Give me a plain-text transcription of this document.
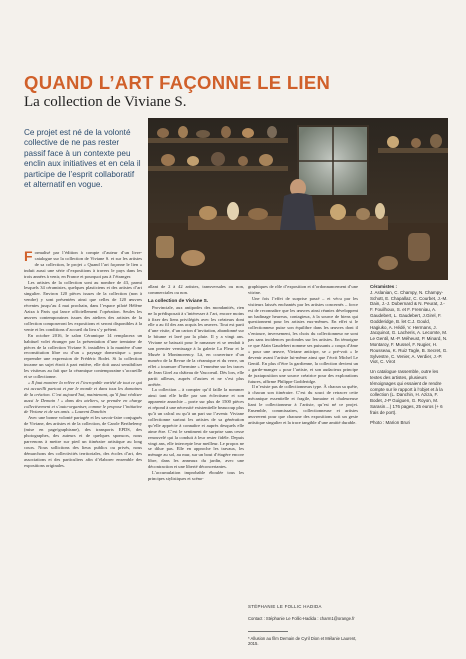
QUAND L’ART FAÇONNE LE LIEN
La collection de Viviane S.
Ce projet est né de la volonté collective de ne pas rester passif face à un contexte peu enclin aux initiatives et en cela il participe de l’esprit collaboratif et alternatif en vogue.

Formalisé par l’édition à compte d’auteur d’un livre-catalogue sur la collection de Viviane S. et sur les artistes de sa collection, le projet « Quand l’art façonne le lien » induit aussi une série d’expositions à travers le pays dans les trois années à venir, en France et pourquoi pas à l’étranger.

Les artistes de la collection sont au nombre de 43, parmi lesquels 34 céramistes, quelques plasticiens et des artistes d’art singulier. Environ 120 pièces issues de la collection (non à vendre) y sont présentées ainsi que celles de 120 œuvres récentes jusqu’au 4 mai prochain, dans l’espace piloté Hélène Aziza à Paris qui lance officiellement l’opération. Seules les œuvres contemporaines issues des ateliers des artistes de la collection composeront les expositions et seront disponibles à la vente et les conditions d’accueil du lieu s’y prêtent.

En octobre 2016, le salon Céramique 14 remplacera un habituel volet étranger par la présentation d’une trentaine de pièces de la collection Viviane S. installées à la manière d’une reconstitution libre ou d’un « paysage domestique » pour reprendre une expression de Frédéric Bodet. Si la collection incarne un sujet étroit à part entière, elle doit aussi sensibiliser les visiteurs au fait que la céramique contemporaine s’accueille et se collectionne.

« Il faut montrer la relève et l’incroyable variété de tout ce qui est accueilli partout et par le monde et dans tous les domaines de la création. C’est aujourd’hui, maintenant, qu’il faut réaliser aussi le Demain ! » dans des ateliers, se prendre en charge collectivement et s’auto-organiser, comme le propose l’initiative de Viviane et de ses amis. » Laurent Danchin

Avec une bonne volonté partagée et les savoir-faire conjugués de Viviane, des artistes et de la collection, de Carole Berthelemy (mise en page/graphisme), des transports EPDS, des photographes, des auteurs et de quelques sponsors, nous parvenons à mettre sur pied un itinéraire artistique au long cours. Nous sollicitons des lieux publics ou privés, nous démarchons des collectivités territoriales, des écoles d’art, des associations et des particuliers afin d’élaborer ensemble des expositions originales.

allant de 2 à 42 artistes, transversales ou non, commerciales ou non.

La collection de Viviane S.

Provinciale, aux antipodes des mondanités, rien ne la prédisposait à s’intéresser à l’art, encore moins à fixer des liens privilégiés avec les créateurs dont elle a au fil des ans acquis les œuvres. Tout est parti d’une visite, d’un carton d’invitation, abandonné sur le bitume et lavé par la pluie. Il y a vingt ans. Viviane se baissait pour le ramasser et se rendait à son premier vernissage à la galerie La Fleur et le Musée à Montmorency. Là, en couverture d’un numéro de la Revue de la céramique et du verre, un effet « tournure d’hermine » l’emmène sur les traces de Jean Girel au château de Vascoeuil. Dès lors, elle partit ailleurs, auprès d’autres et ne s’est plus arrêtée.

La collection – à compter qu’il faille la nommer ainsi tant elle brille par son éclectisme et son apparente anarchie – porte sur plus de 1500 pièces et répond à une nécessité existentielle beaucoup plus qu’à un calcul ou qu’à un pari sur l’avenir. Viviane collectionne surtout les artistes de sa génération qu’elle apprécie à connaître et auprès desquels elle aime être. C’est le sentiment de surprise sans cesse renouvelé qui la conduit à leur rester fidèle. Depuis vingt ans, elle intercepte leur meilleur. Le propos ne se dilue pas. Elle en approche les travaux, les ménage au sol, au mur, sur un bout d’étagère encore libre, dans les anneaux du jardin, avec une décontraction et une liberté déconcertantes.

L’accumulation improbable éboulée tous les principes stylistiques et scéno-

graphiques de rôle d’exposition et d’ordonnancement d’une vitrine.

Une fois l’effet de surprise passé – et vécu par les visiteurs laissés enchantés par les artistes concernés – force est de reconnaître que les œuvres ainsi réunies développent un badinage heureux, contagieux, à la source de biens qui questionnent pour les artistes eux-mêmes. En effet si le collectionneur puise son équilibre dans les œuvres dont il s’entoure, inversement, les choix du collectionneur ne sont pas sans incidences profondes sur les artistes. En témoigne ce que Alain Gaudebert nomme ses puissants « coups d’âme » pour une œuvre, Viviane anticipe, se « pré-voit » le devenir avant l’artiste lui-même ainsi que l’écrit Michel Le Gentil. En plus d’être la gardienne, la collection devient un « garde-manger » pour l’artiste, et son audacieux principe de juxtaposition une source créatrice pour des explorations futures, affirme Philippe Godderidge.

Il n’existe pas de collectionneurs type. À chacun sa quête, à chacun son itinéraire. C’est du souci de retracer cette mécanique essentielle et fragile, humaine et chaleureuse liant le collectionneur à l’artiste, qu’est né ce projet. Ensemble, commissaires, collectionneuse et artistes œuvrerent pour que chacune des expositions soit un geste artistique singulier et la trace tangible d’une amitié durable.

STÉPHANIE LE FOLLIC HADIDA
Contact : Stéphanie Le Follic-Hadida : charm1@orange.fr
* Allusion au film Demain de Cyril Dion et Mélanie Laurent, 2015.

Céramistes :
J. Aslanian, C. Champy, N. Champy-Schott, E. Chapallaz, C. Courbet, J.-M. Dain, J.-J. Dubernard & N. Peurat, J.-F. Fouilhoux, S. et F. Frenniau, A. Gaudebert, L. Gaudebert, J.Girel, F. Godderidge, B. let C.J. Gould, Hagiuko, A. Hédé, V. Hermans, J. Jacquinot, G. Lacheris, A. Lecomte, M. Le Gentil, M.-P. Méheust, P. Minard, N. Montaroy, F. Mussel, F. Nugier, H. Rousseau, K. Ruiz Tagle, B. Secret, G. Sylvestre, C. Venier, A. Verdier, J.-P. Viot, C. Virot

Un catalogue rassemble, outre les textes des artistes, plusieurs témoignages qui essaient de rendre compte sur le rapport à l’objet et à la collection (L. Danchin, H. Aziza, F. Bodet, J-P Guiguen, G. Royon, M. Sarasin…) 176 pages, 25 euros (+ 6 frais de port).

Photo : Marion Bruri
